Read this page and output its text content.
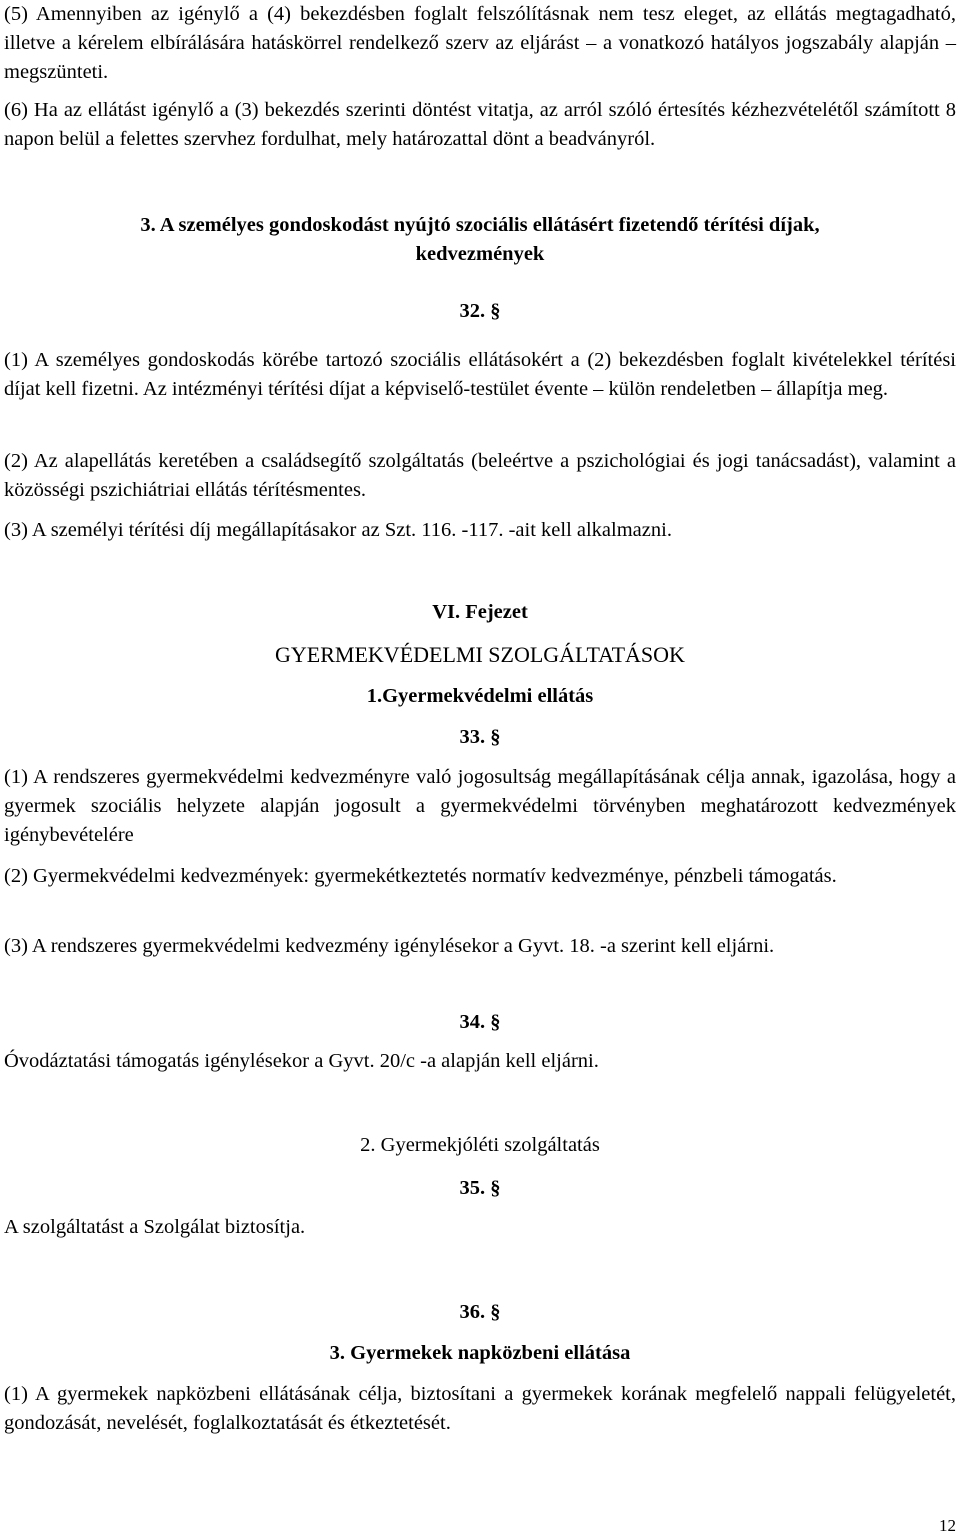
(5) Amennyiben az igénylő a (4) bekezdésben foglalt felszólításnak nem tesz eleget, az ellátás megtagadható, illetve a kérelem elbírálására hatáskörrel rendelkező szerv az eljárást – a vonatkozó hatályos jogszabály alapján – megszünteti.

(6) Ha az ellátást igénylő a (3) bekezdés szerinti döntést vitatja, az arról szóló értesítés kézhezvételétől számított 8 napon belül a felettes szervhez fordulhat, mely határozattal dönt a beadványról.

3. A személyes gondoskodást nyújtó szociális ellátásért fizetendő térítési díjak,
kedvezmények
32. §

(1) A személyes gondoskodás körébe tartozó szociális ellátásokért a (2) bekezdésben foglalt kivételekkel térítési díjat kell fizetni. Az intézményi térítési díjat a képviselő-testület évente – külön rendeletben – állapítja meg.

(2) Az alapellátás keretében a családsegítő szolgáltatás (beleértve a pszichológiai és jogi tanácsadást), valamint a közösségi pszichiátriai ellátás térítésmentes.

(3) A személyi térítési díj megállapításakor az Szt. 116. -117. -ait kell alkalmazni.

VI. Fejezet
GYERMEKVÉDELMI SZOLGÁLTATÁSOK
1.Gyermekvédelmi ellátás
33. §

(1) A rendszeres gyermekvédelmi kedvezményre való jogosultság megállapításának célja annak, igazolása, hogy a gyermek szociális helyzete alapján jogosult a gyermekvédelmi törvényben meghatározott kedvezmények igénybevételére

(2) Gyermekvédelmi kedvezmények: gyermekétkeztetés normatív kedvezménye, pénzbeli támogatás.

(3) A rendszeres gyermekvédelmi kedvezmény igénylésekor a Gyvt. 18. -a szerint kell eljárni.

34. §

Óvodáztatási támogatás igénylésekor a Gyvt. 20/c -a alapján kell eljárni.

2. Gyermekjóléti szolgáltatás
35. §

A szolgáltatást a Szolgálat biztosítja.

36. §
3. Gyermekek napközbeni ellátása

(1) A gyermekek napközbeni ellátásának célja, biztosítani a gyermekek korának megfelelő nappali felügyeletét, gondozását, nevelését, foglalkoztatását és étkeztetését.

12
